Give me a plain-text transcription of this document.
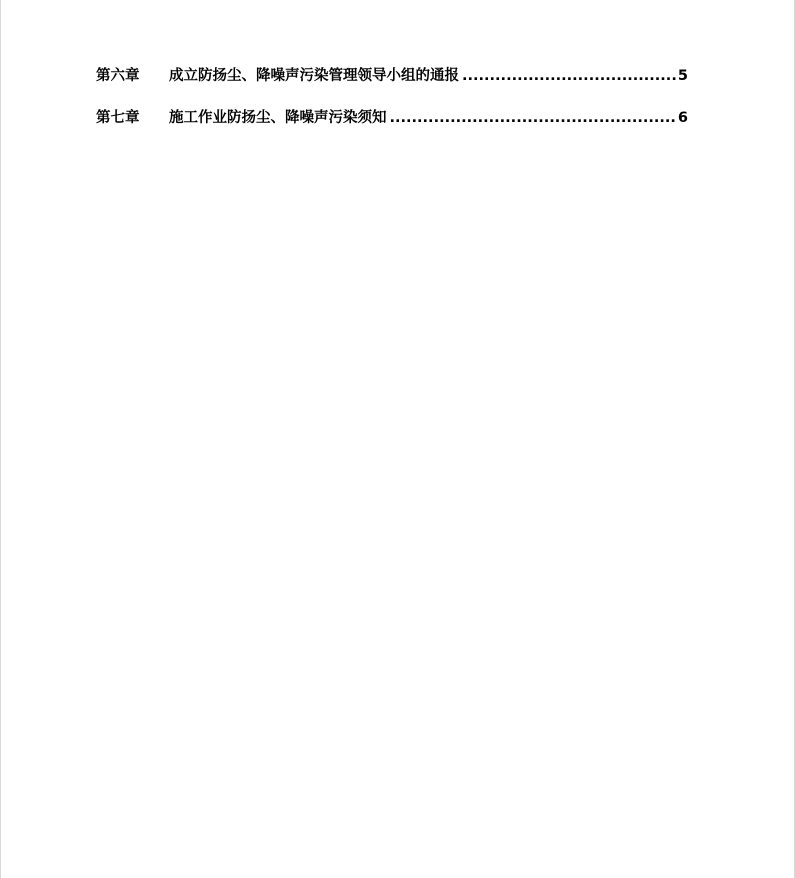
第六章	成立防扬尘、降噪声污染管理领导小组的通报 .....	5
第七章	施工作业防扬尘、降噪声污染须知 .....	6
